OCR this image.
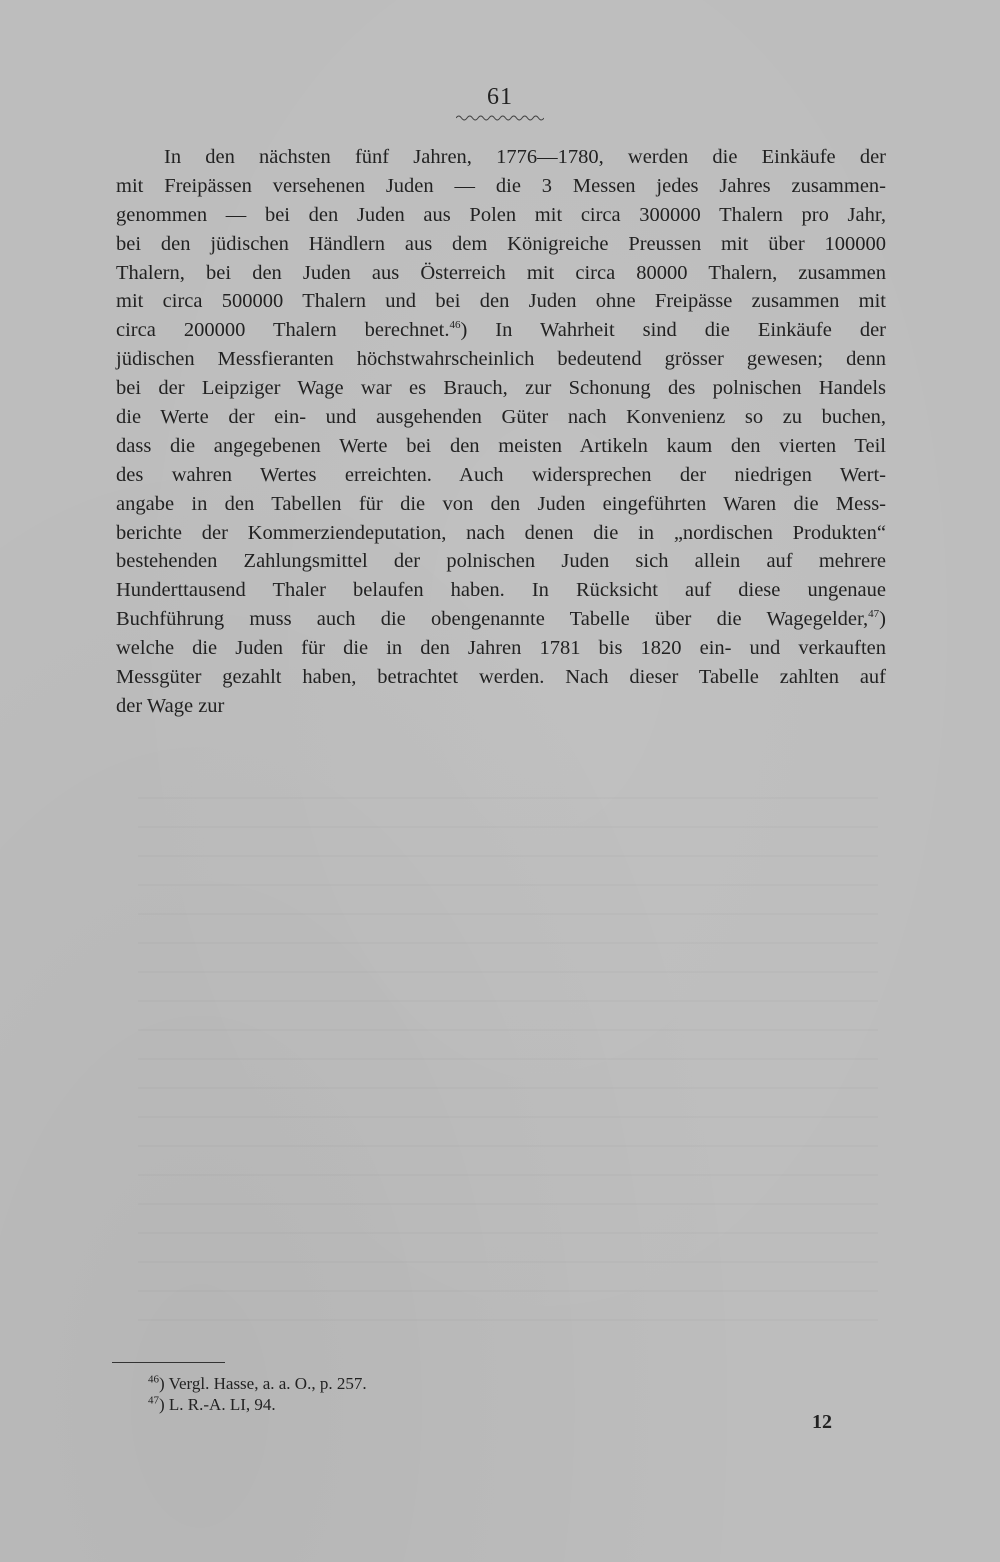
61
In den nächsten fünf Jahren, 1776—1780, werden die Einkäufe der
mit Freipässen versehenen Juden — die 3 Messen jedes Jahres zusammen-
genommen — bei den Juden aus Polen mit circa 300000 Thalern pro Jahr,
bei den jüdischen Händlern aus dem Königreiche Preussen mit über 100000
Thalern, bei den Juden aus Österreich mit circa 80000 Thalern, zusammen
mit circa 500000 Thalern und bei den Juden ohne Freipässe zusammen mit
circa 200000 Thalern berechnet.$^{46}$) In Wahrheit sind die Einkäufe der
jüdischen Messfieranten höchstwahrscheinlich bedeutend grösser gewesen; denn
bei der Leipziger Wage war es Brauch, zur Schonung des polnischen Handels
die Werte der ein- und ausgehenden Güter nach Konvenienz so zu buchen,
dass die angegebenen Werte bei den meisten Artikeln kaum den vierten Teil
des wahren Wertes erreichten. Auch widersprechen der niedrigen Wert-
angabe in den Tabellen für die von den Juden eingeführten Waren die Mess-
berichte der Kommerziendeputation, nach denen die in „nordischen Produkten“
bestehenden Zahlungsmittel der polnischen Juden sich allein auf mehrere
Hunderttausend Thaler belaufen haben. In Rücksicht auf diese ungenaue
Buchführung muss auch die obengenannte Tabelle über die Wagegelder,$^{47}$)
welche die Juden für die in den Jahren 1781 bis 1820 ein- und verkauften
Messgüter gezahlt haben, betrachtet werden. Nach dieser Tabelle zahlten auf
der Wage zur
$^{46}$) Vergl. Hasse, a. a. O., p. 257.
$^{47}$) L. R.-A. LI, 94.
12
